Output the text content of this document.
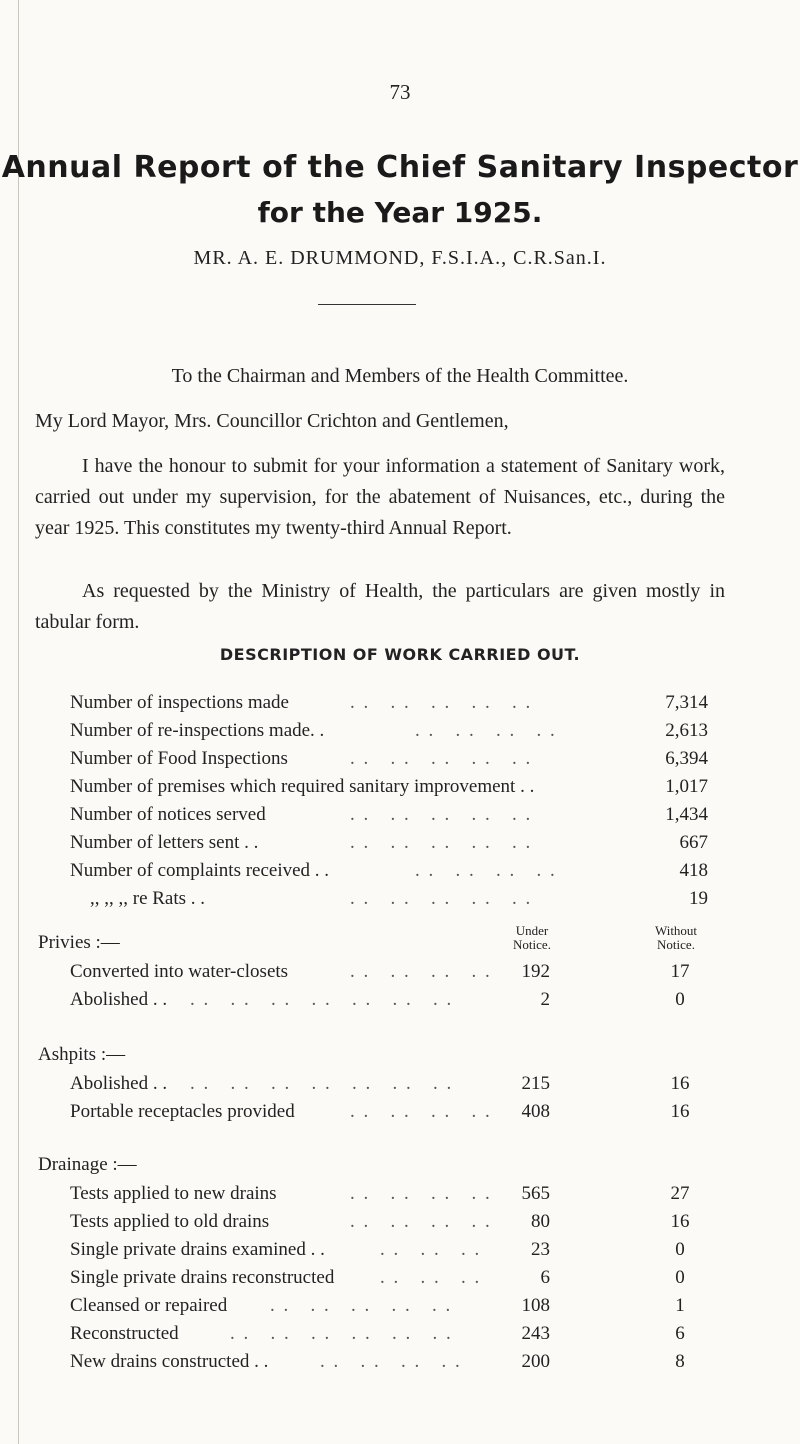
73
Annual Report of the Chief Sanitary Inspector
for the Year 1925.
MR. A. E. DRUMMOND, F.S.I.A., C.R.San.I.
To the Chairman and Members of the Health Committee.
My Lord Mayor, Mrs. Councillor Crichton and Gentlemen,
I have the honour to submit for your information a statement of Sanitary work, carried out under my supervision, for the abatement of Nuisances, etc., during the year 1925. This constitutes my twenty-third Annual Report.
As requested by the Ministry of Health, the particulars are given mostly in tabular form.
DESCRIPTION OF WORK CARRIED OUT.
Number of inspections made	. .   . .   . .   . .   . .	7,314
Number of re-inspections made. .	. .   . .   . .   . .	2,613
Number of Food Inspections	. .   . .   . .   . .   . .	6,394
Number of premises which required sanitary improvement . .	1,017
Number of notices served	. .   . .   . .   . .   . .	1,434
Number of letters sent . .	. .   . .   . .   . .   . .	667
Number of complaints received . .	. .   . .   . .   . .	418
,, ,, ,, re Rats . .	. .   . .   . .   . .   . .	19
Under Notice.
Without Notice.
Privies :—
Converted into water-closets	. .   . .   . .   . .	192	17
Abolished . . . .   . .   . .   . .   . .   . .   . .	2	0
Ashpits :—
Abolished . . . .   . .   . .   . .   . .   . .   . .	215	16
Portable receptacles provided	. .   . .   . .   . .	408	16
Drainage :—
Tests applied to new drains	. .   . .   . .   . .	565	27
Tests applied to old drains	. .   . .   . .   . .	80	16
Single private drains examined . .	. .   . .   . .	23	0
Single private drains reconstructed . .   . .   . .	6	0
Cleansed or repaired . .   . .   . .   . .   . .	108	1
Reconstructed	. .   . .   . .   . .   . .   . .	243	6
New drains constructed . .	. .   . .   . .   . .	200	8
